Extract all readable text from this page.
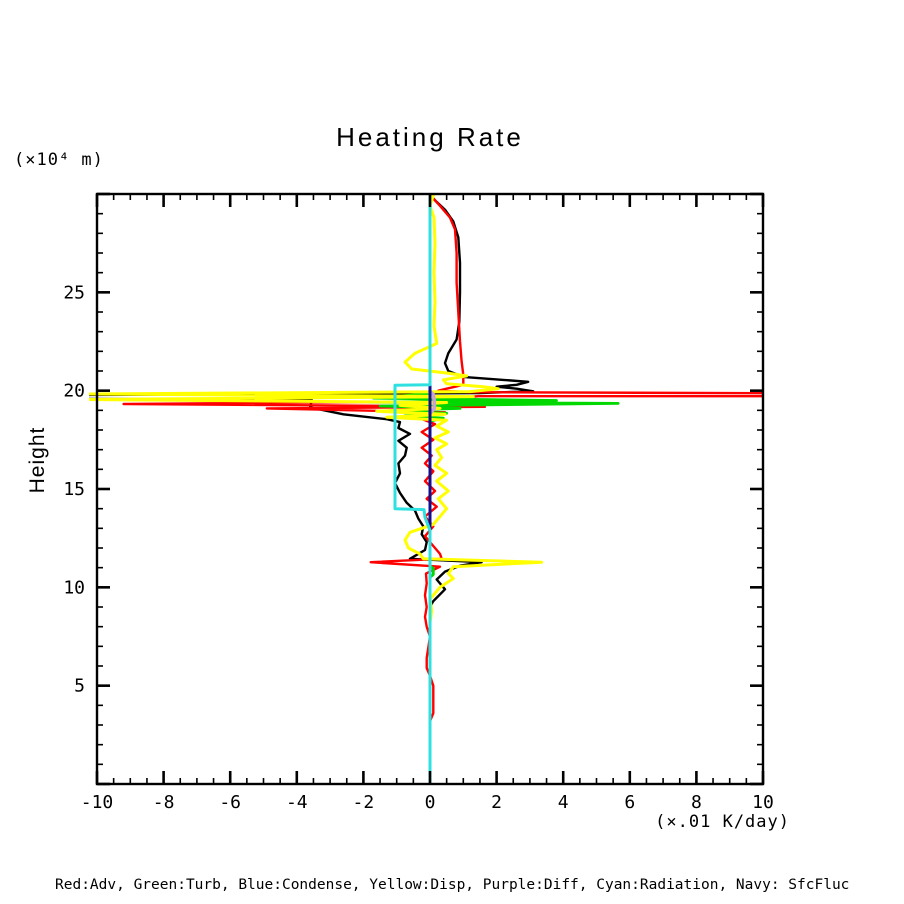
Heating Rate
(×10⁴ m)
Height
(×.01 K/day)
-10 -8 -6 -4 -2	0	2	4	6	8	10
5
10
15
20
25
Red:Adv, Green:Turb, Blue:Condense, Yellow:Disp, Purple:Diff, Cyan:Radiation, Navy: SfcFluc
